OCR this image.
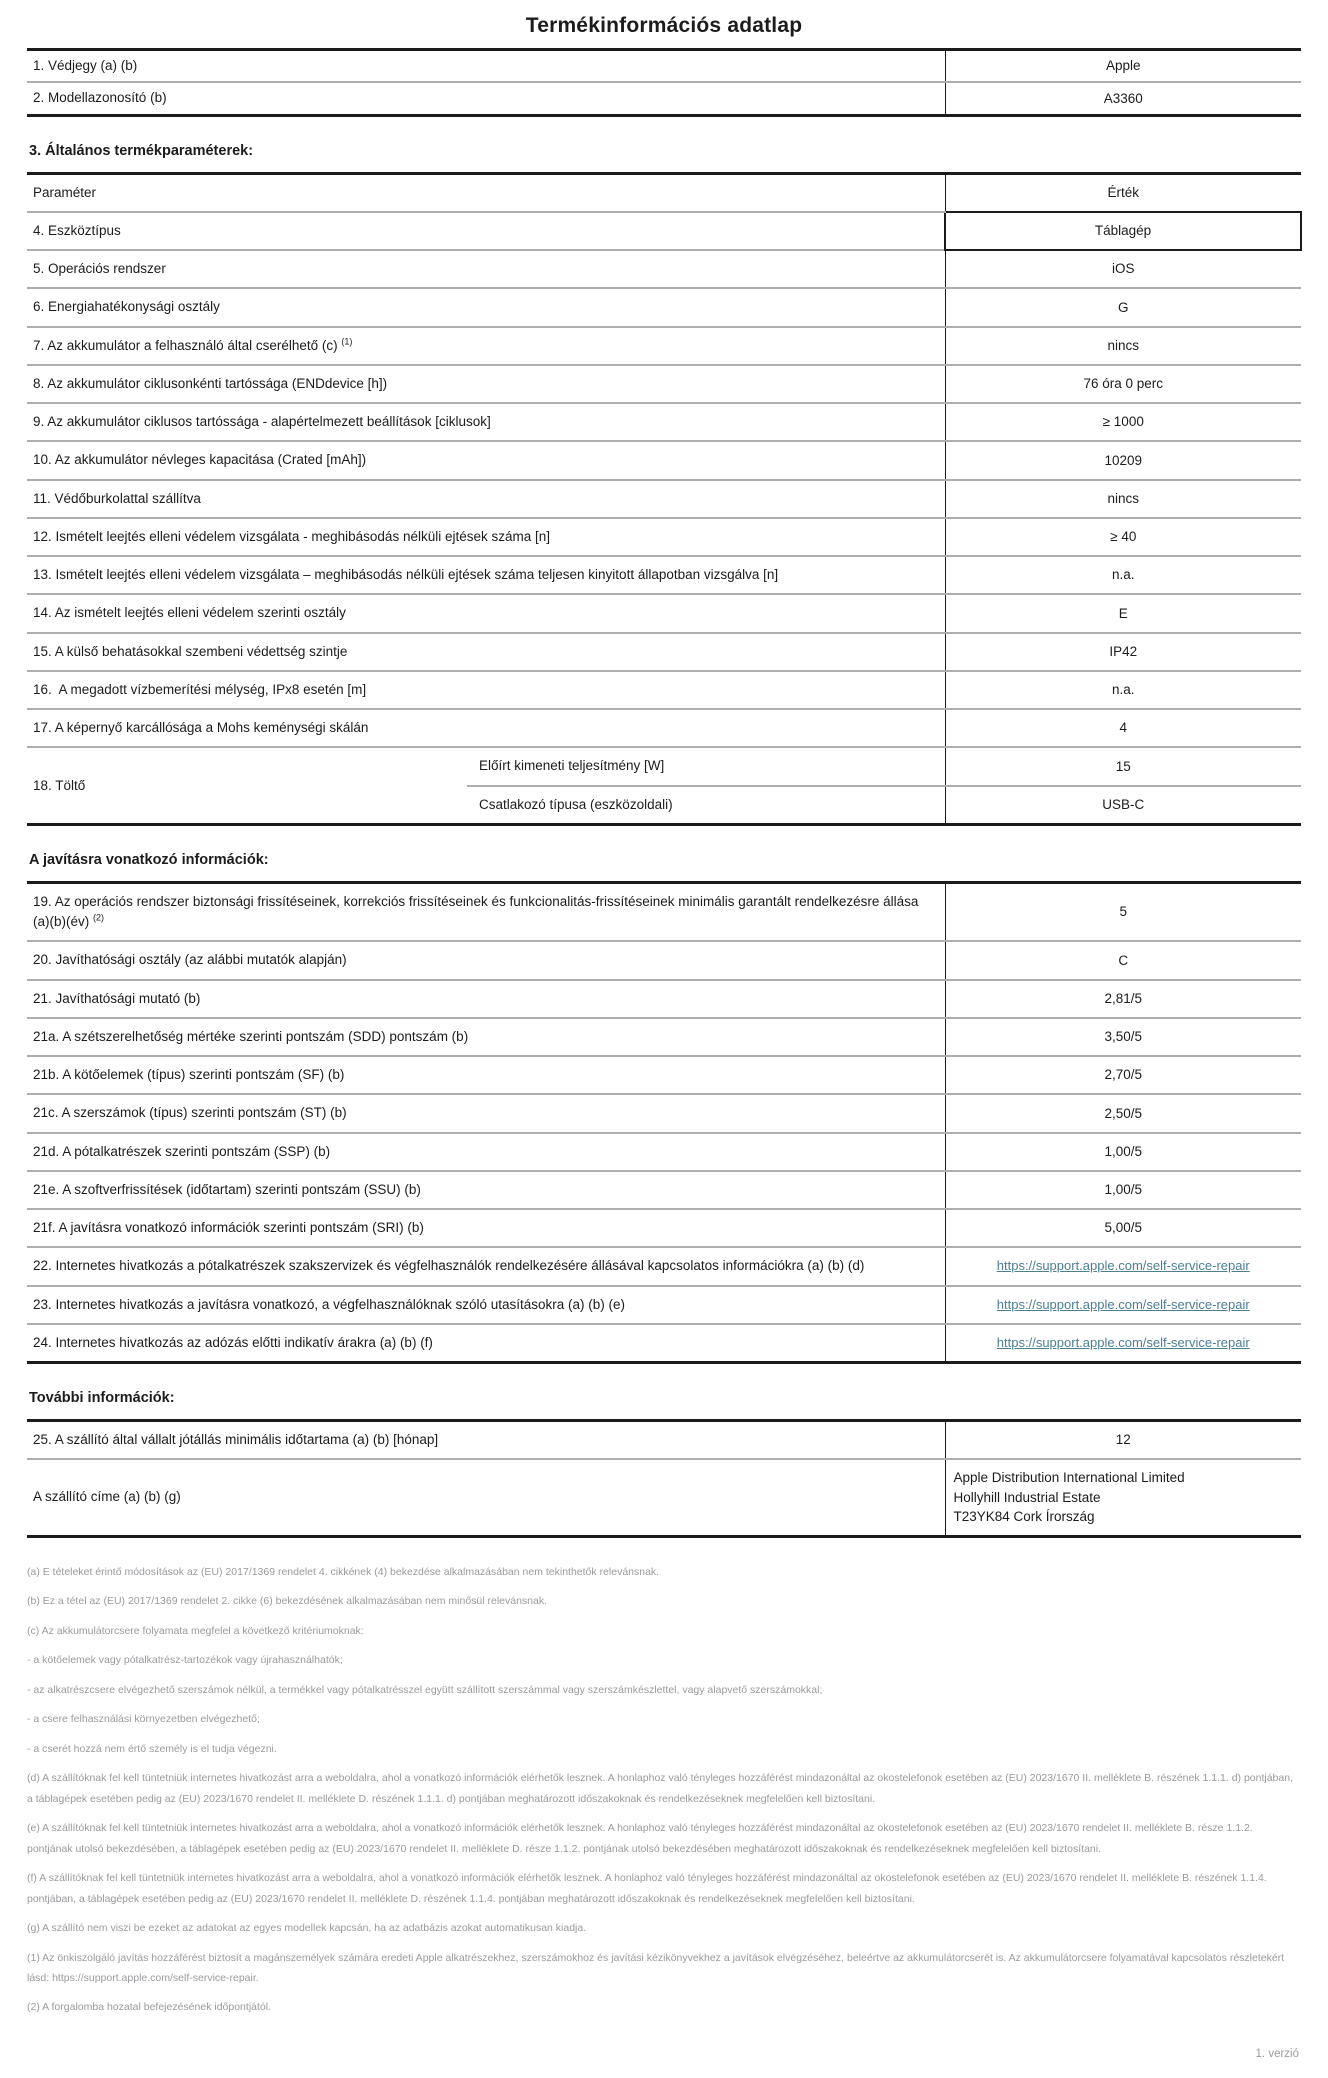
Termékinformációs adatlap
1. Védjegy (a) (b)	Apple
2. Modellazonosító (b)	A3360
3. Általános termékparaméterek:
Paraméter		Érték
4. Eszköztípus		Táblagép
5. Operációs rendszer		iOS
6. Energiahatékonysági osztály		G
7. Az akkumulátor a felhasználó által cserélhető (c) $^{(1)}$		nincs
8. Az akkumulátor ciklusonkénti tartóssága (ENDdevice [h])		76 óra 0 perc
9. Az akkumulátor ciklusos tartóssága - alapértelmezett beállítások [ciklusok]		≥ 1000
10. Az akkumulátor névleges kapacitása (Crated [mAh])		10209
11. Védőburkolattal szállítva		nincs
12. Ismételt leejtés elleni védelem vizsgálata - meghibásodás nélküli ejtések száma [n]		≥ 40
13. Ismételt leejtés elleni védelem vizsgálata – meghibásodás nélküli ejtések száma teljesen kinyitott állapotban vizsgálva [n]		n.a.
14. Az ismételt leejtés elleni védelem szerinti osztály		E
15. A külső behatásokkal szembeni védettség szintje		IP42
16.  A megadott vízbemerítési mélység, IPx8 esetén [m]		n.a.
17. A képernyő karcállósága a Mohs keménységi skálán		4
18. Töltő	Előírt kimeneti teljesítmény [W]	15
	Csatlakozó típusa (eszközoldali)	USB-C
A javításra vonatkozó információk:
19. Az operációs rendszer biztonsági frissítéseinek, korrekciós frissítéseinek és funkcionalitás-frissítéseinek minimális garantált rendelkezésre állása (a)(b)(év) $^{(2)}$	5
20. Javíthatósági osztály (az alábbi mutatók alapján)	C
21. Javíthatósági mutató (b)	2,81/5
21a. A szétszerelhetőség mértéke szerinti pontszám (SDD) pontszám (b)	3,50/5
21b. A kötőelemek (típus) szerinti pontszám (SF) (b)	2,70/5
21c. A szerszámok (típus) szerinti pontszám (ST) (b)	2,50/5
21d. A pótalkatrészek szerinti pontszám (SSP) (b)	1,00/5
21e. A szoftverfrissítések (időtartam) szerinti pontszám (SSU) (b)	1,00/5
21f. A javításra vonatkozó információk szerinti pontszám (SRI) (b)	5,00/5
22. Internetes hivatkozás a pótalkatrészek szakszervizek és végfelhasználók rendelkezésére állásával kapcsolatos információkra (a) (b) (d)	https://support.apple.com/self-service-repair
23. Internetes hivatkozás a javításra vonatkozó, a végfelhasználóknak szóló utasításokra (a) (b) (e)	https://support.apple.com/self-service-repair
24. Internetes hivatkozás az adózás előtti indikatív árakra (a) (b) (f)	https://support.apple.com/self-service-repair
További információk:
25. A szállító által vállalt jótállás minimális időtartama (a) (b) [hónap]	12
A szállító címe (a) (b) (g)	Apple Distribution International Limited
Hollyhill Industrial Estate
T23YK84 Cork Írország

(a) E tételeket érintő módosítások az (EU) 2017/1369 rendelet 4. cikkének (4) bekezdése alkalmazásában nem tekinthetők relevánsnak.

(b) Ez a tétel az (EU) 2017/1369 rendelet 2. cikke (6) bekezdésének alkalmazásában nem minősül relevánsnak.

(c) Az akkumulátorcsere folyamata megfelel a következő kritériumoknak:

- a kötőelemek vagy pótalkatrész-tartozékok vagy újrahasználhatók;

- az alkatrészcsere elvégezhető szerszámok nélkül, a termékkel vagy pótalkatrésszel együtt szállított szerszámmal vagy szerszámkészlettel, vagy alapvető szerszámokkal;

- a csere felhasználási környezetben elvégezhető;

- a cserét hozzá nem értő személy is el tudja végezni.

(d) A szállítóknak fel kell tüntetniük internetes hivatkozást arra a weboldalra, ahol a vonatkozó információk elérhetők lesznek. A honlaphoz való tényleges hozzáférést mindazonáltal az okostelefonok esetében az (EU) 2023/1670 II. melléklete B. részének 1.1.1. d) pontjában, a táblagépek esetében pedig az (EU) 2023/1670 rendelet II. melléklete D. részének 1.1.1. d) pontjában meghatározott időszakoknak és rendelkezéseknek megfelelően kell biztosítani.

(e) A szállítóknak fel kell tüntetniük internetes hivatkozást arra a weboldalra, ahol a vonatkozó információk elérhetők lesznek. A honlaphoz való tényleges hozzáférést mindazonáltal az okostelefonok esetében az (EU) 2023/1670 rendelet II. melléklete B. része 1.1.2. pontjának utolsó bekezdésében, a táblagépek esetében pedig az (EU) 2023/1670 rendelet II. melléklete D. része 1.1.2. pontjának utolsó bekezdésében meghatározott időszakoknak és rendelkezéseknek megfelelően kell biztosítani.

(f) A szállítóknak fel kell tüntetniük internetes hivatkozást arra a weboldalra, ahol a vonatkozó információk elérhetők lesznek. A honlaphoz való tényleges hozzáférést mindazonáltal az okostelefonok esetében az (EU) 2023/1670 rendelet II. melléklete B. részének 1.1.4. pontjában, a táblagépek esetében pedig az (EU) 2023/1670 rendelet II. melléklete D. részének 1.1.4. pontjában meghatározott időszakoknak és rendelkezéseknek megfelelően kell biztosítani.

(g) A szállító nem viszi be ezeket az adatokat az egyes modellek kapcsán, ha az adatbázis azokat automatikusan kiadja.

(1) Az önkiszolgáló javítás hozzáférést biztosít a magánszemélyek számára eredeti Apple alkatrészekhez, szerszámokhoz és javítási kézikönyvekhez a javítások elvégzéséhez, beleértve az akkumulátorcserét is. Az akkumulátorcsere folyamatával kapcsolatos részletekért lásd: https://support.apple.com/self-service-repair.

(2) A forgalomba hozatal befejezésének időpontjától.

1. verzió
